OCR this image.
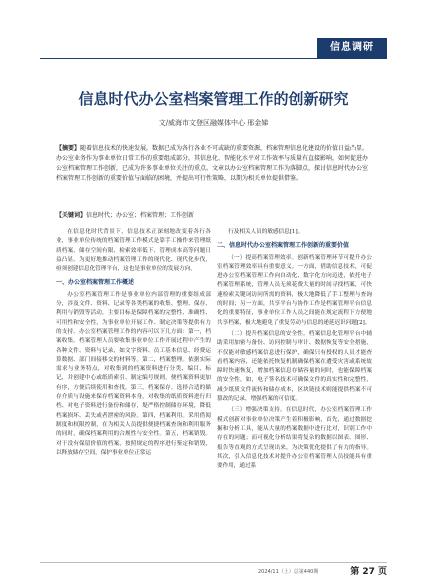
信息调研
信息时代办公室档案管理工作的创新研究
文/威海市文登区融媒体中心 邢金娣
【摘要】随着信息技术的快速发展，数据已成为各行各业不可或缺的重要资源，档案管理信息化建设的价值日益凸显。办公室业务作为事业单位日常工作的重要组成部分，其信息化、智能化水平对工作效率与质量有直接影响，如何促进办公室档案管理工作创新，已成为许多事业单位关注的重点。文章以办公室档案管理工作为落脚点，探讨信息时代办公室档案管理工作创新的重要价值与面临的困境，并提出可行性策略，以期为相关单位提供借鉴。
【关键词】信息时代；办公室；档案管理；工作创新

在信息化时代背景下，信息技术正深刻地改变着各行各业，事业单位传统的档案管理工作模式是靠手工操作来管理纸质档案，储存空间有限、检索效率低下、管理成本高等问题日益凸显。为更好地推动档案管理工作的现代化、现代化步伐，亟须创建信息化管理平台，这也是事业单位的发展方向。

一、办公室档案管理工作概述

办公室档案管理工作是事业单位内部管理的重要组成部分，涉及文件、资料、记录等各类档案的收集、整理、保存、利用与销毁等活动，主要目标是保障档案的完整性、准确性、可用性和安全性，为事业单位开展工作、制定决策等提供有力的支持。办公室档案管理工作的内容可以下几方面：第一，档案收集。档案管理人员要收集事业单位工作开展过程中产生的各种文件、资料与记录，如文字资料、员工基本信息、经费运算数据、部门间接移交的材料等。第二，档案整理。依据实际需求与业务特点，对收集到的档案资料进行分类、编目、标记，并创建中心或纸质索引、制定编号规则，便档案资料更加有序，方便后续使用和查找。第三，档案保存。选择合适的储存介质与设施来保存档案资料本身，对收集的纸质资料进行归档、对电子资料进行备份和储存，堤严格控制储存环境，降低档案损坏、丢失或者泄密的风险。第四，档案利用。采用借阅制度和权限控制，在为相关人员提供便捷档案查询和利用服务的同时，确保档案利用的合规性与安全性。第五，档案销毁。对于没有保留价值的档案，按照规定的程序进行鉴定和销毁，以释放储存空间，保护事业单位正常运

行及相关人员的敏感信息[1]。

二、信息时代办公室档案管理工作创新的重要价值

（一）提高档案管理效率。创新档案管理环节可提升办公室档案管理效率具有重要意义。一方面，借助信息技术，可促进办公室档案管理工作向自动化、数字化方向迈进，依托电子档案管理系统，管理人员无须花费大量的时间寻找档案，可快速检索关键词访问所需的资料，极大地降低了手工整理与查询的时间；另一方面，共享平台与协作工作是档案管理平台信息化的重要特征，事业单位工作人员之间能在规定流程下方便地共享档案，极大地避免了重复劳动与信息的递延迟识问题[2]。

（二）提升档案信息的安全性。档案信息化管理平台中辅助采用加密与备份、访问控制与审计、数据恢复等安全措施，不仅能对敏感档案信息进行保护，确保只有授权的人员才能查看档案内容，还能依托恢复机制确保档案在遭受灾害或系统故障时快速恢复，增加档案信息存储容量的同时，也能保障档案的安全性。如，电子签名技术可确保文件的真实性和完整性，减少纸质文件流转和储存成本，区块链技术则能提供档案不可篡改的记录，增强档案的可信度。

（三）增强决策支持。在信息时代，办公室档案管理工作模式创新对事业单位决策产生着积极影响，首先，通过数据挖掘和分析工具，能从大量的档案数据中进行比对，识别工作中存在的问题；而可视化分析结果将复杂的数据以图表、图形、报告等直观的方式呈现出来，为决策优化提供了有力的指导。其次，引入信息化技术对提升办公室档案管理人员技能具有重要作用，通过系

2024/11（上）总第440期	第 27 页
